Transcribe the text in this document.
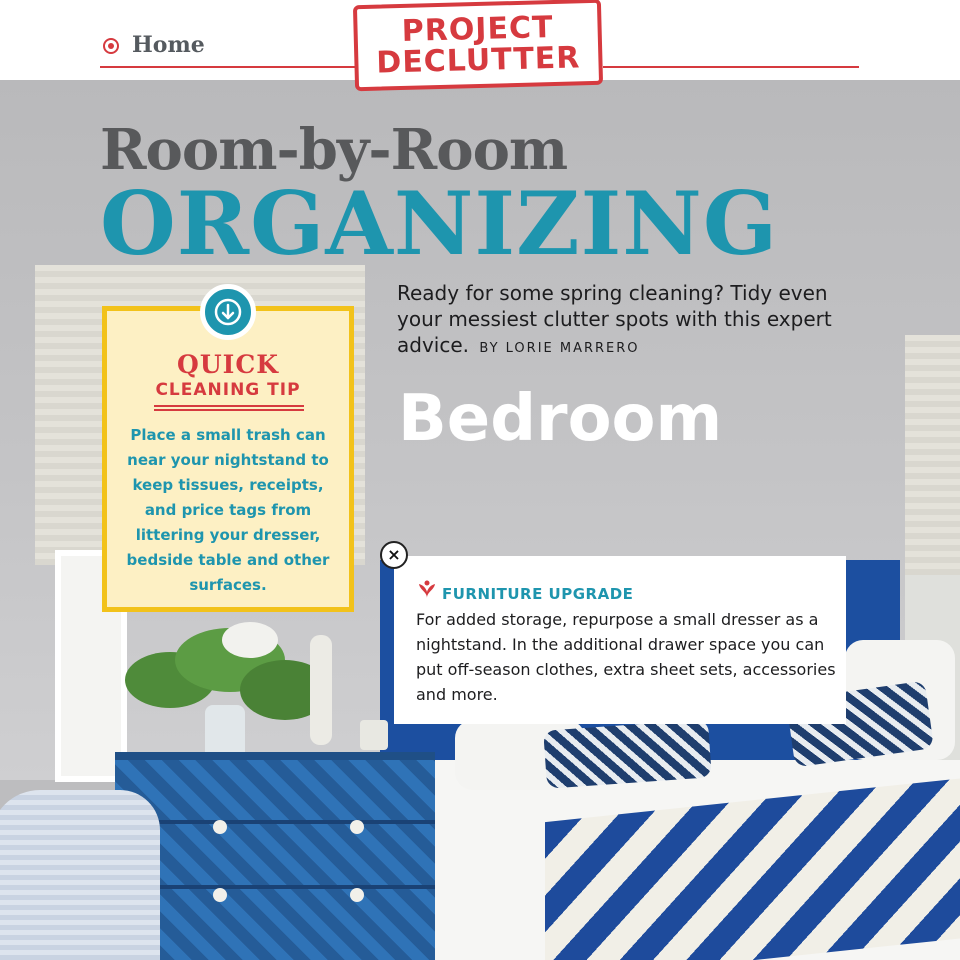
Home	PROJECT
DECLUTTER
Room-by-Room
ORGANIZING
Ready for some spring cleaning? Tidy even your messiest clutter spots with this expert advice. BY LORIE MARRERO
Bedroom
QUICK
CLEANING TIP
Place a small trash can near your nightstand to keep tissues, receipts, and price tags from littering your dresser, bedside table and other surfaces.
×
FURNITURE UPGRADE
For added storage, repurpose a small dresser as a nightstand. In the additional drawer space you can put off-season clothes, extra sheet sets, accessories and more.
